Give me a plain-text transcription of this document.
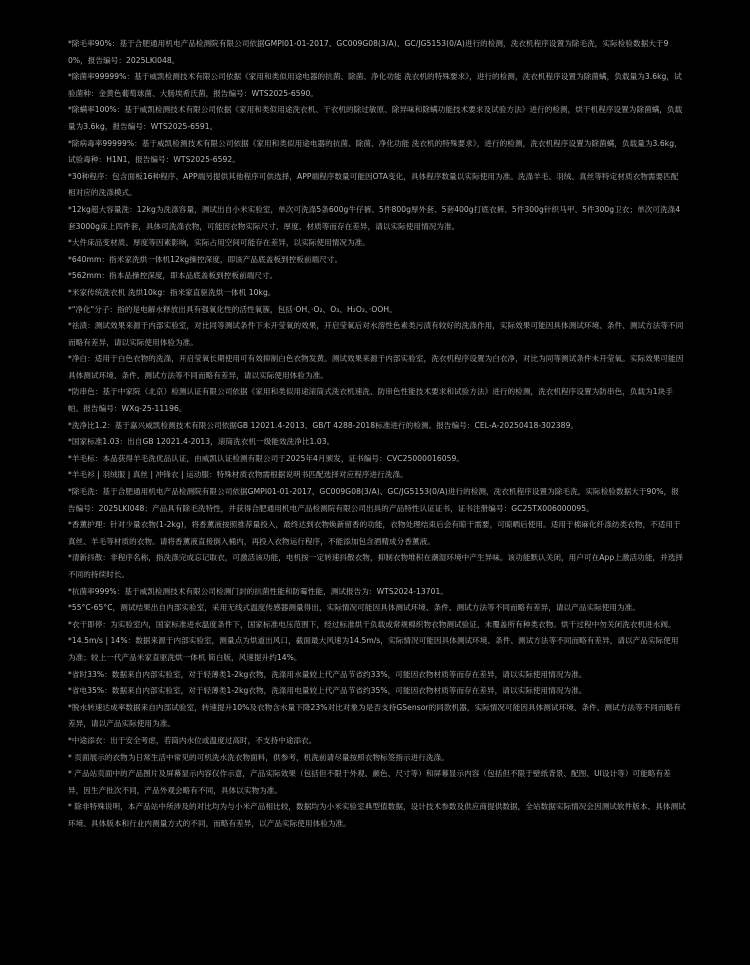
*除毛率90%：基于合肥通用机电产品检测院有限公司依据GMPI01-01-2017、GC009G08(3/A)、GC/JG5153(0/A)进行的检测，洗衣机程序设置为除毛洗，实际检验数据大于90%，报告编号：2025LKI048。
*除菌率99999%：基于威凯检测技术有限公司依据《家用和类似用途电器的抗菌、除菌、净化功能 洗衣机的特殊要求》，进行的检测，洗衣机程序设置为除菌螨，负载量为3.6kg，试验菌种：金黄色葡萄球菌、大肠埃希氏菌，报告编号：WTS2025-6590。
*除螨率100%：基于威凯检测技术有限公司依据《家用和类似用途洗衣机、干衣机的除过敏原、除异味和除螨功能技术要求及试验方法》进行的检测，烘干机程序设置为除菌螨，负载量为3.6kg，报告编号：WTS2025-6591。
*除病毒率99999%：基于威凯检测技术有限公司依据《家用和类似用途电器的抗菌、除菌、净化功能 洗衣机的特殊要求》，进行的检测，洗衣机程序设置为除菌螨，负载量为3.6kg，试验毒种：H1N1，报告编号：WTS2025-6592。
*30种程序：包含面板16种程序、APP端另提供其他程序可供选择，APP端程序数量可能因OTA变化，具体程序数量以实际使用为准。洗涤羊毛、羽绒、真丝等特定材质衣物需要匹配相对应的洗涤模式。
*12kg超大容量洗：12kg为洗涤容量，测试出自小米实验室，单次可洗涤5条600g牛仔裤、5件800g厚外套、5套400g打底衣裤、5件300g针织马甲、5件300g卫衣；单次可洗涤4套3000g床上四件套，具体可洗涤衣物，可能因衣物实际尺寸、厚度、材质等而存在差异，请以实际使用情况为准。
*大件床品变材质、厚度等因素影响，实际占用空间可能存在差异，以实际使用情况为准。
*640mm：指米家洗烘一体机12kg操控深度，即该产品底盖板到控板前端尺寸。
*562mm：指本品操控深度，即本品底盖板到控板前端尺寸。
*米家传统洗衣机 洗烘10kg：指米家直驱洗烘一体机 10kg。
*"净化"分子：指的是电解水释放出具有强氧化性的活性氧簇，包括·OH、·O₂、O₃、H₂O₂、·OOH。
*祛渍：测试效果来源于内部实验室，对比同等测试条件下未开莹氧的效果，开启莹氧后对水溶性色素类污渍有较好的洗涤作用，实际效果可能因具体测试环境、条件、测试方法等不同而略有差异，请以实际使用体验为准。
*净白：适用于白色衣物的洗涤，开启莹氧长期使用可有效抑制白色衣物发黄。测试效果来源于内部实验室，洗衣机程序设置为白衣净，对比为同等测试条件未开莹氧。实际效果可能因具体测试环境、条件、测试方法等不同而略有差异，请以实际使用体验为准。
*防串色：基于中家院（北京）检测认证有限公司依据《家用和类似用途滚筒式洗衣机速洗、防串色性能技术要求和试验方法》进行的检测，洗衣机程序设置为防串色，负载为1块手帕。报告编号：WXq-25-11196。
*洗净比1.2：基于嘉兴威凯检测技术有限公司依据GB 12021.4-2013、GB/T 4288-2018标准进行的检测。报告编号：CEL-A-20250418-302389。
*国家标准1.03：出自GB 12021.4-2013，滚筒洗衣机一级能效洗净比1.03。
*羊毛标：本品获得羊毛洗优品认证，由威凯认证检测有限公司于2025年4月颁发，证书编号：CVC25000016059。
*羊毛衫 | 羽绒服 | 真丝 | 冲锋衣 | 运动服：特殊材质衣物需根据说明书匹配选择对应程序进行洗涤。
*除毛洗：基于合肥通用机电产品检测院有限公司依据GMPI01-01-2017、GC009G08(3/A)、GC/JG5153(0/A)进行的检测，洗衣机程序设置为除毛洗，实际检验数据大于90%，报告编号：2025LKI048；产品具有除毛洗特性，并获得合肥通用机电产品检测院有限公司出具的产品特性认证证书，证书注册编号：GC25TX006000095。
*香薰护理：针对少量衣物(1-2kg)，将香薰液按照推荐量投入，最终达到衣物焕新留香的功能，衣物处理结束后会有晾干需要，可晾晒后使用。适用于棉麻化纤涤纺类衣物，不适用于真丝、羊毛等材质的衣物。请将香薰液直接倒入桶内，再投入衣物运行程序，不能添加包含酒精成分香薰液。
*清新抖散：非程序名称，指洗涤完成忘记取衣，可激活该功能，电机按一定转速抖散衣物，抑制衣物堆积在潮湿环境中产生异味。该功能默认关闭，用户可在App上激活功能，并选择不同的持续时长。
*抗菌率999%：基于威凯检测技术有限公司检测门封的抗菌性能和防霉性能，测试报告为：WTS2024-13701。
*55°C-65°C，测试结果出自内部实验室，采用无线式温度传感器测量得出，实际情况可能因具体测试环境、条件、测试方法等不同而略有差异，请以产品实际使用为准。
*衣干即停：为实验室内，国家标准进水温度条件下，国家标准电压范围下，经过标准烘干负载或常规棉织物衣物测试验证，未覆盖所有种类衣物。烘干过程中勿关闭洗衣机进水阀。
*14.5m/s | 14%：数据来源于内部实验室，测量点为烘道出风口，截面最大风速为14.5m/s，实际情况可能因具体测试环境、条件、测试方法等不同而略有差异，请以产品实际使用为准；较上一代产品米家直驱洗烘一体机 简白版，风速提升约14%。
*省时33%：数据来自内部实验室，对于轻薄类1-2kg衣物，洗涤用水量较上代产品节省约33%，可能因衣物材质等而存在差异，请以实际使用情况为准。
*省电35%：数据来自内部实验室，对于轻薄类1-2kg衣物，洗涤用电量较上代产品节省约35%，可能因衣物材质等而存在差异，请以实际使用情况为准。
*脱水转速达成率数据来自内部试验室，转速提升10%及衣物含水量下降23%对比对象为是否支持GSensor的同款机器，实际情况可能因具体测试环境、条件、测试方法等不同而略有差异，请以产品实际使用为准。
*中途添衣：出于安全考虑，若筒内水位或温度过高时，不支持中途添衣。
* 页面展示的衣物为日常生活中常见的可机洗水洗衣物面料，供参考，机洗前请尽量按照衣物标签指示进行洗涤。
* 产品站页面中的产品图片及屏幕显示内容仅作示意，产品实际效果（包括但不限于外观、颜色、尺寸等）和屏幕显示内容（包括但不限于壁纸背景、配图、UI设计等）可能略有差异，因生产批次不同，产品外观会略有不同，具体以实物为准。
* 除非特殊说明，本产品站中所涉及的对比均为与小米产品相比较，数据均为小米实验室典型值数据，设计技术参数及供应商提供数据，全站数据实际情况会因测试软件版本、具体测试环境、具体版本和行业内测量方式的不同，而略有差异，以产品实际使用体验为准。
